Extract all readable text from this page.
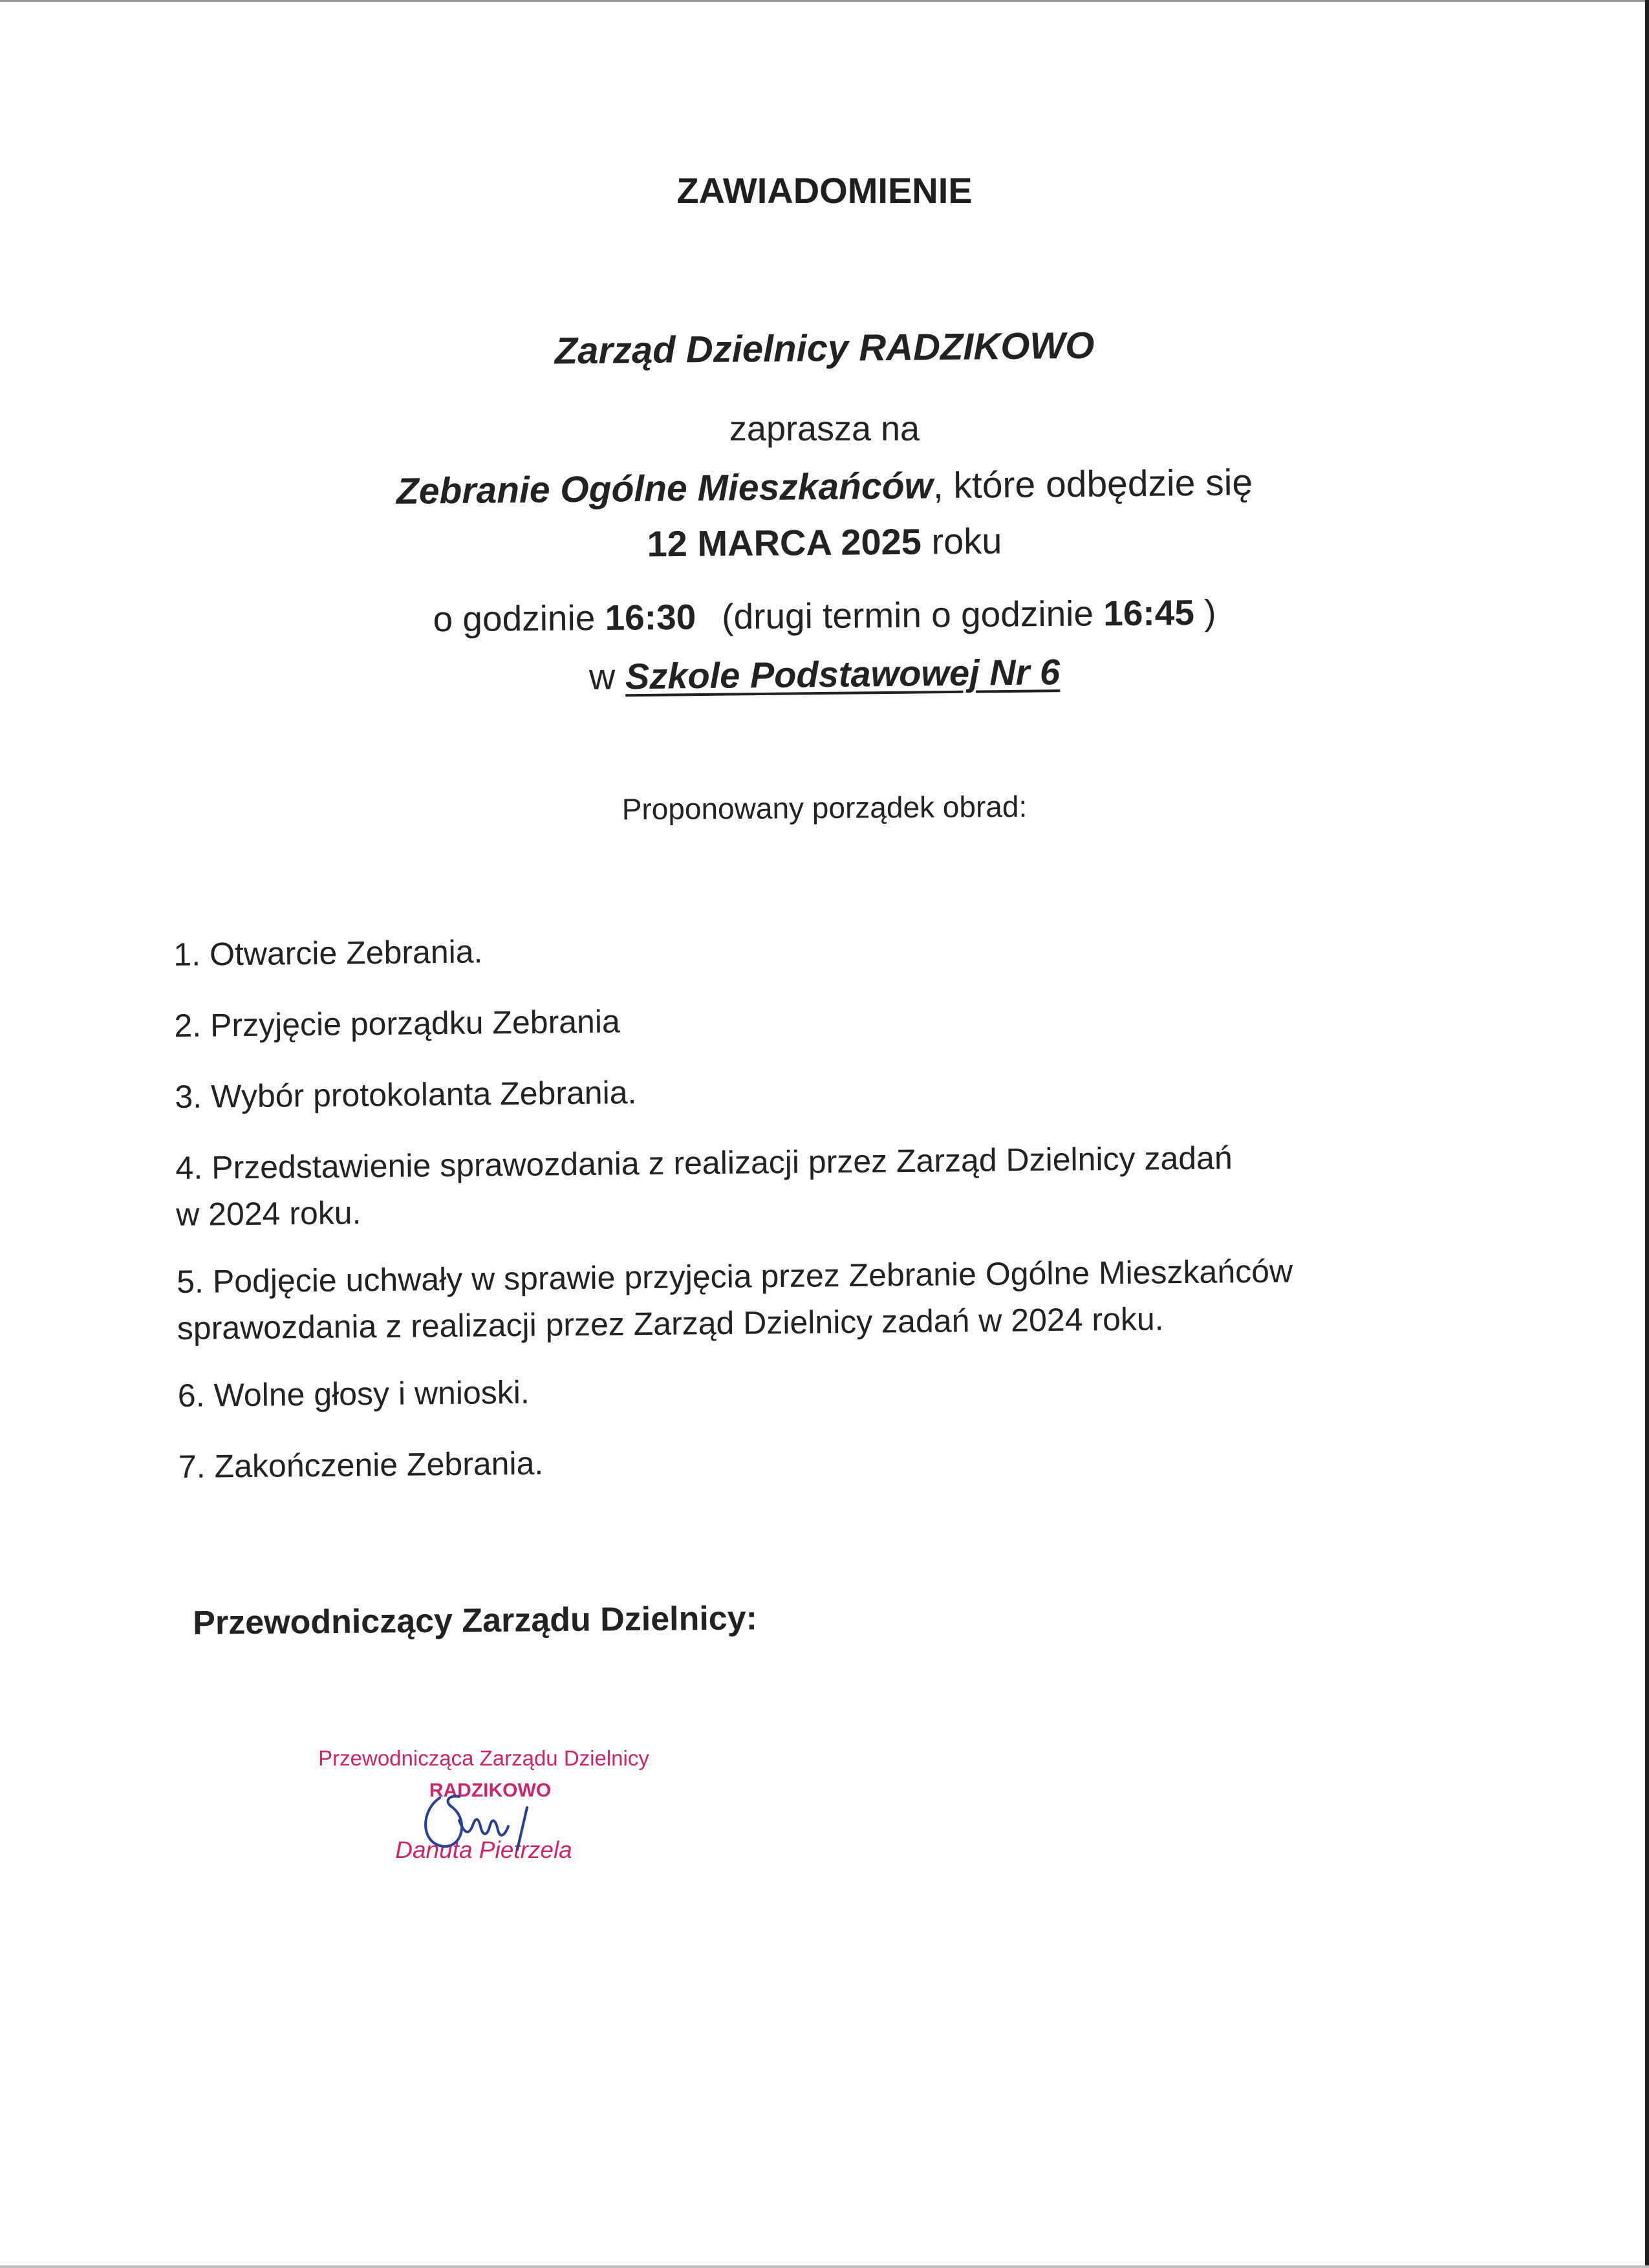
ZAWIADOMIENIE
Zarząd Dzielnicy RADZIKOWO
zaprasza na
Zebranie Ogólne Mieszkańców, które odbędzie się
12 MARCA 2025 roku
o godzinie 16:30 (drugi termin o godzinie 16:45 )
w Szkole Podstawowej Nr 6
Proponowany porządek obrad:
1. Otwarcie Zebrania.
2. Przyjęcie porządku Zebrania
3. Wybór protokolanta Zebrania.
4. Przedstawienie sprawozdania z realizacji przez Zarząd Dzielnicy zadań
w 2024 roku.
5. Podjęcie uchwały w sprawie przyjęcia przez Zebranie Ogólne Mieszkańców
sprawozdania z realizacji przez Zarząd Dzielnicy zadań w 2024 roku.
6. Wolne głosy i wnioski.
7. Zakończenie Zebrania.
Przewodniczący Zarządu Dzielnicy:
Przewodnicząca Zarządu Dzielnicy
RADZIKOWO
Danuta Pietrzela
